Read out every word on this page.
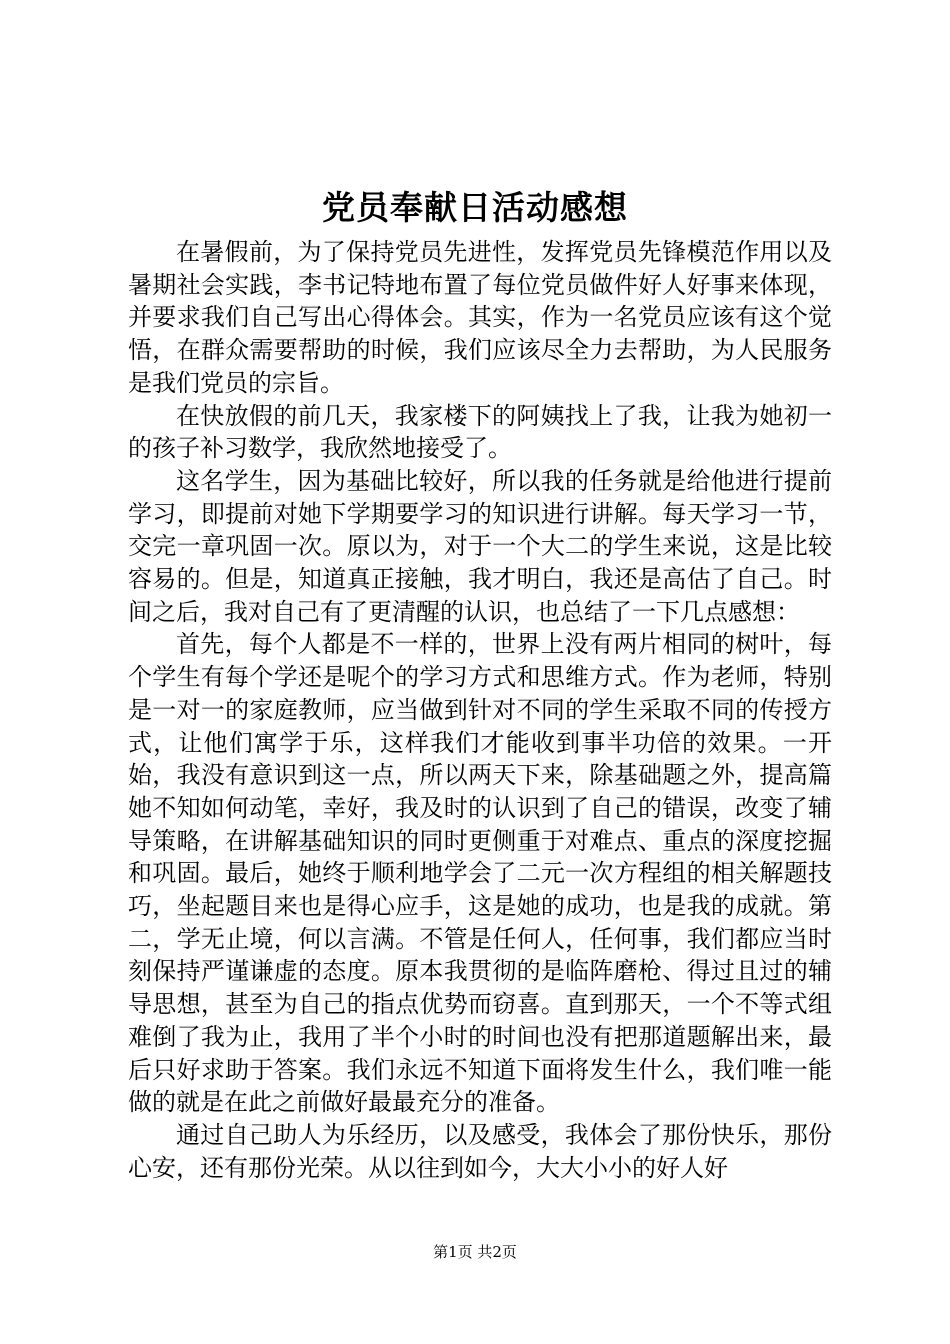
党员奉献日活动感想

在暑假前，为了保持党员先进性，发挥党员先锋模范作用以及暑期社会实践，李书记特地布置了每位党员做件好人好事来体现，并要求我们自己写出心得体会。其实，作为一名党员应该有这个觉悟，在群众需要帮助的时候，我们应该尽全力去帮助，为人民服务是我们党员的宗旨。

在快放假的前几天，我家楼下的阿姨找上了我，让我为她初一的孩子补习数学，我欣然地接受了。

这名学生，因为基础比较好，所以我的任务就是给他进行提前学习，即提前对她下学期要学习的知识进行讲解。每天学习一节，交完一章巩固一次。原以为，对于一个大二的学生来说，这是比较容易的。但是，知道真正接触，我才明白，我还是高估了自己。时间之后，我对自己有了更清醒的认识，也总结了一下几点感想：

首先，每个人都是不一样的，世界上没有两片相同的树叶，每个学生有每个学还是呢个的学习方式和思维方式。作为老师，特别是一对一的家庭教师，应当做到针对不同的学生采取不同的传授方式，让他们寓学于乐，这样我们才能收到事半功倍的效果。一开始，我没有意识到这一点，所以两天下来，除基础题之外，提高篇她不知如何动笔，幸好，我及时的认识到了自己的错误，改变了辅导策略，在讲解基础知识的同时更侧重于对难点、重点的深度挖掘和巩固。最后，她终于顺利地学会了二元一次方程组的相关解题技巧，坐起题目来也是得心应手，这是她的成功，也是我的成就。第二，学无止境，何以言满。不管是任何人，任何事，我们都应当时刻保持严谨谦虚的态度。原本我贯彻的是临阵磨枪、得过且过的辅导思想，甚至为自己的指点优势而窃喜。直到那天，一个不等式组难倒了我为止，我用了半个小时的时间也没有把那道题解出来，最后只好求助于答案。我们永远不知道下面将发生什么，我们唯一能做的就是在此之前做好最最充分的准备。

通过自己助人为乐经历，以及感受，我体会了那份快乐，那份心安，还有那份光荣。从以往到如今，大大小小的好人好

第1页 共2页
